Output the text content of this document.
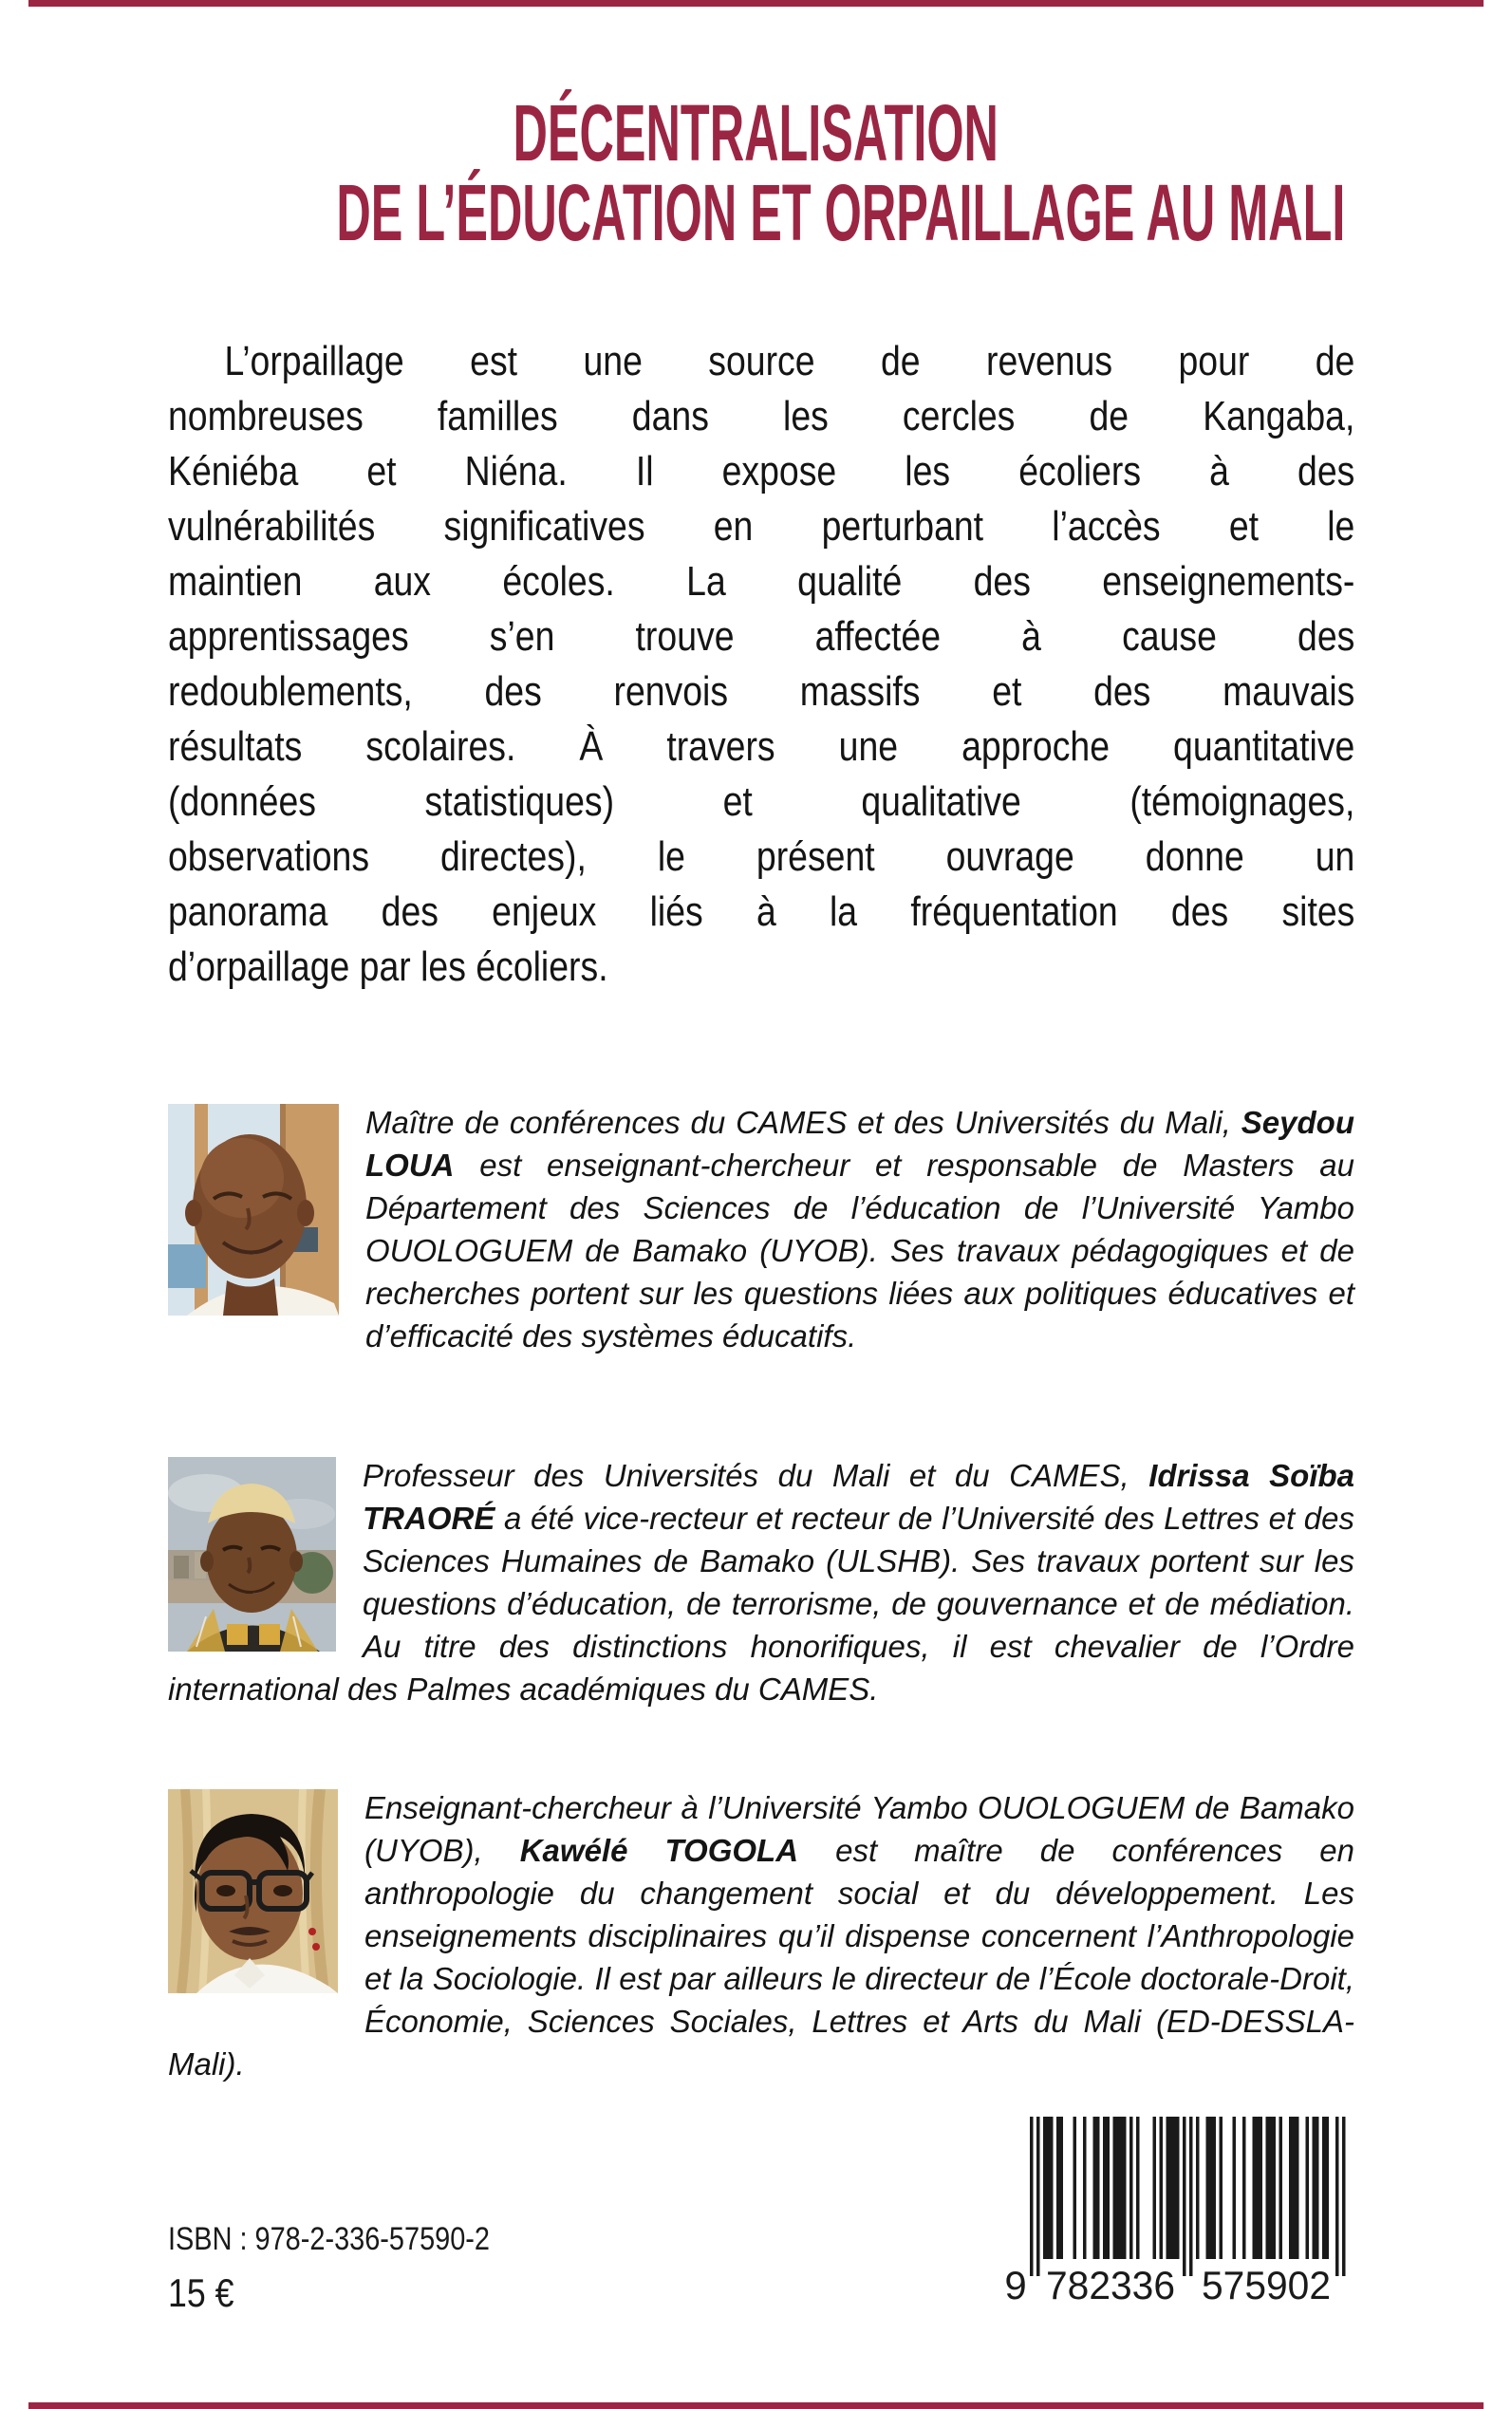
DÉCENTRALISATION
DE L’ÉDUCATION ET ORPAILLAGE AU MALI
L’orpaillage est une source de revenus pour de
nombreuses familles dans les cercles de Kangaba,
Kéniéba et Niéna. Il expose les écoliers à des
vulnérabilités significatives en perturbant l’accès et le
maintien aux écoles. La qualité des enseignements-
apprentissages s’en trouve affectée à cause des
redoublements, des renvois massifs et des mauvais
résultats scolaires. À travers une approche quantitative
(données statistiques) et qualitative (témoignages,
observations directes), le présent ouvrage donne un
panorama des enjeux liés à la fréquentation des sites
d’orpaillage par les écoliers.
Maître de conférences du CAMES et des Universités du Mali, Seydou LOUA est enseignant-chercheur et responsable de Masters au Département des Sciences de l’éducation de l’Université Yambo OUOLOGUEM de Bamako (UYOB). Ses travaux pédagogiques et de recherches portent sur les questions liées aux politiques éducatives et d’efficacité des systèmes éducatifs.
Professeur des Universités du Mali et du CAMES, Idrissa Soïba TRAORÉ a été vice-recteur et recteur de l’Université des Lettres et des Sciences Humaines de Bamako (ULSHB). Ses travaux portent sur les questions d’éducation, de terrorisme, de gouvernance et de médiation. Au titre des distinctions honorifiques, il est chevalier de l’Ordre international des Palmes académiques du CAMES.
Enseignant-chercheur à l’Université Yambo OUOLOGUEM de Bamako (UYOB), Kawélé TOGOLA est maître de conférences en anthropologie du changement social et du développement. Les enseignements disciplinaires qu’il dispense concernent l’Anthropologie et la Sociologie. Il est par ailleurs le directeur de l’École doctorale-Droit, Économie, Sciences Sociales, Lettres et Arts du Mali (ED-DESSLA-Mali).
ISBN : 978-2-336-57590-2
15 €	9 782336 575902
